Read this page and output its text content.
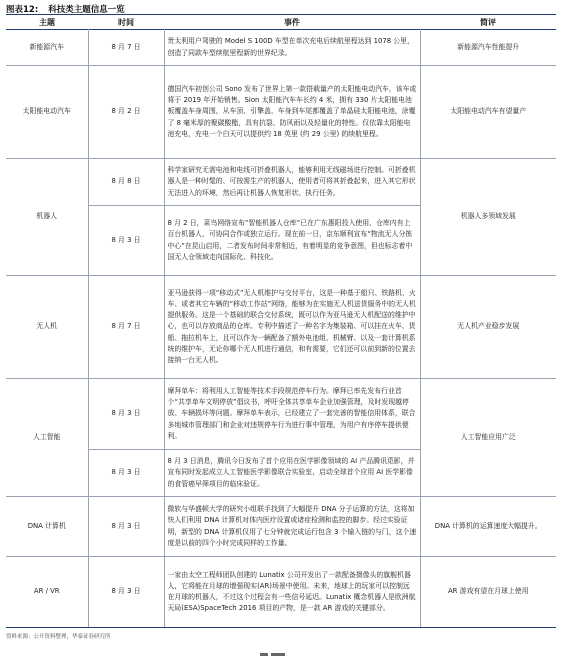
图表12: 科技类主题信息一览
主题	时间	事件	简评
新能源汽车	8 月 7 日	贵太利用户驾驶的 Model S 100D 车型在单次充电后续航里程达到 1078 公里，创造了同款车型续航里程新的世界纪录。	新能源汽车性能提升
太阳能电动汽车	8 月 2 日	德国汽车初创公司 Sono 发布了世界上第一款搭载量产的太阳能电动汽车，该车或将于 2019 年开始销售。Sion 太阳能汽车车长约 4 米，拥有 330 片太阳能电池板覆盖车身周围，从车顶、引擎盖、车身到车尾都覆盖了单晶硅太阳能电池，涂覆了 8 毫米厚的聚碳酸酯，具有抗裂、防风雨以及轻量化的特性。仅依靠太阳能电池充电，充电一个白天可以提供约 18 英里 (约 29 公里) 的续航里程。	太阳能电动汽车有望量产
机器人	8 月 8 日	科学家研究无需电池和电线可折叠机器人，能够利用无线磁场进行控制。可折叠机器人是一种时髦的、可按需生产的机器人，使用者可将其折叠起来，进入其它形状无法进入的环境，然后再让机器人恢复形状、执行任务。	机器人多领域发展
	8 月 3 日	8 月 2 日，菜鸟网络宣布“智能机器人仓库”已在广东惠阳投入使用，仓库内有上百台机器人，可协同合作或独立运行。现在前一日，京东顺利宣布“物流无人分拣中心”在昆山启用，二者发布时间非常相近，有着明显的竞争意图，但也标志着中国无人仓领域走向国际化、科技化。	
无人机	8 月 7 日	亚马逊获得一项“移动式”无人机维护与交付平台，这是一种基于船只、铁路机、火车、或者其它车辆的“移动工作站”网络，能够为在实施无人机送货服务中的无人机提供服务。这是一个基础的联合交付系统，既可以作为亚马逊无人机配送的维护中心，也可以存放商品的仓库。专利中描述了一种名字为集装箱、可以挂在火车、货船、拖拉机车上，且可以作为一辆配备了额外电池组、机械臂、以及一套计算机系统的维护车，无论你哪个无人机进行通信，和有需要，它们还可以前到新的位置去接纳一台无人机。	无人机产业稳步发展
人工智能	8 月 3 日	摩拜单车：将利用人工智能等技术手段规范停车行为。摩拜已率先发布行业首个“共享单车文明停放”倡议书，呼吁全体共享单车企业加强管理，及时发现越停放、车辆损坏等问题。摩拜单车表示，已经建立了一套完善的智能信用体系，联合多地城市管理部门和企业对违规停车行为进行事中管理，为用户有序停车提供便利。	人工智能应用广泛
	8 月 3 日	8 月 3 日消息，腾讯今日发布了首个应用在医学影像领域的 AI 产品腾讯觅影，并宣布同时发起成立人工智能医学影像联合实验室，启动全球首个应用 AI 医学影像的食管癌早筛项目的临床验证。	
DNA 计算机	8 月 3 日	微软与华盛顿大学的研究小组联手找到了大幅提升 DNA 分子运算的方法，这将加快人们利用 DNA 计算机对体内医疗设置或诸症检测和监控的脚步。经过实验证明，新型的 DNA 计算机仅用了七分钟就完成运行包含 3 个输入链的与门，这个速度是以前的四个小时完成同样的工作量。	DNA 计算机的运算速度大幅提升。
AR / VR	8 月 3 日	一家由太空工程师团队创建的 Lunatix 公司开发出了一款配备摄像头的旗舰机器人，它将能在月球的增强现实(AR)场景中使用。未来，地球上的玩家可以控制远在月球的机器人，不过这个过程会有一些信号延迟。Lunatix 概念机器人是欧洲航天局(ESA)SpaceTech 2016 项目的产物，是一款 AR 游戏的关键部分。	AR 游戏有望在月球上使用
资料来源：公开资料整理，华泰证券研究所
